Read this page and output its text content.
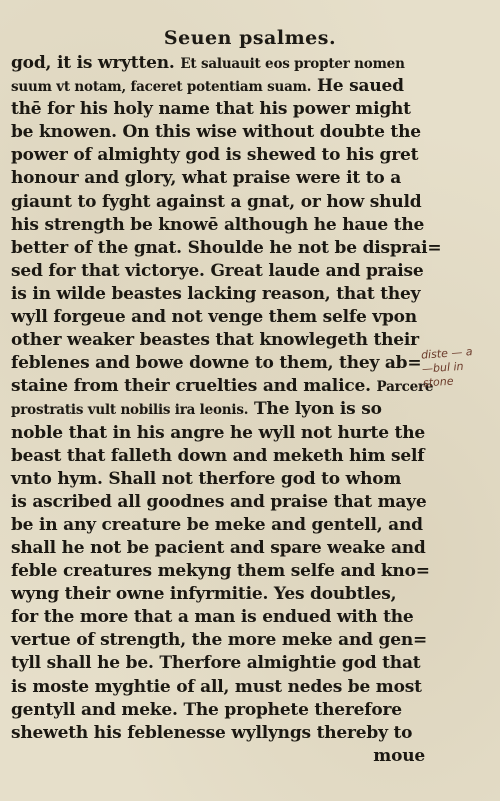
Seuen psalmes.
god, it is wrytten. Et saluauit eos propter nomen
suum vt notam, faceret potentiam suam. He saued
thē for his holy name that his power might
be knowen. On this wise without doubte the
power of almighty god is shewed to his gret
honour and glory, what praise were it to a
giaunt to fyght against a gnat, or how shuld
his strength be knowē although he haue the
better of the gnat. Shoulde he not be disprai=
sed for that victorye. Great laude and praise
is in wilde beastes lacking reason, that they
wyll forgeue and not venge them selfe vpon
other weaker beastes that knowlegeth their
feblenes and bowe downe to them, they ab=
staine from their cruelties and malice. Parcere
prostratis vult nobilis ira leonis. The lyon is so
noble that in his angre he wyll not hurte the
beast that falleth down and meketh him self
vnto hym. Shall not therfore god to whom
is ascribed all goodnes and praise that maye
be in any creature be meke and gentell, and
shall he not be pacient and spare weake and
feble creatures mekyng them selfe and kno=
wyng their owne infyrmitie. Yes doubtles,
for the more that a man is endued with the
vertue of strength, the more meke and gen=
tyll shall he be. Therfore almightie god that
is moste myghtie of all, must nedes be most
gentyll and meke. The prophete therefore
sheweth his feblenesse wyllyngs thereby to
moue
diste — a
—bul in
stone
